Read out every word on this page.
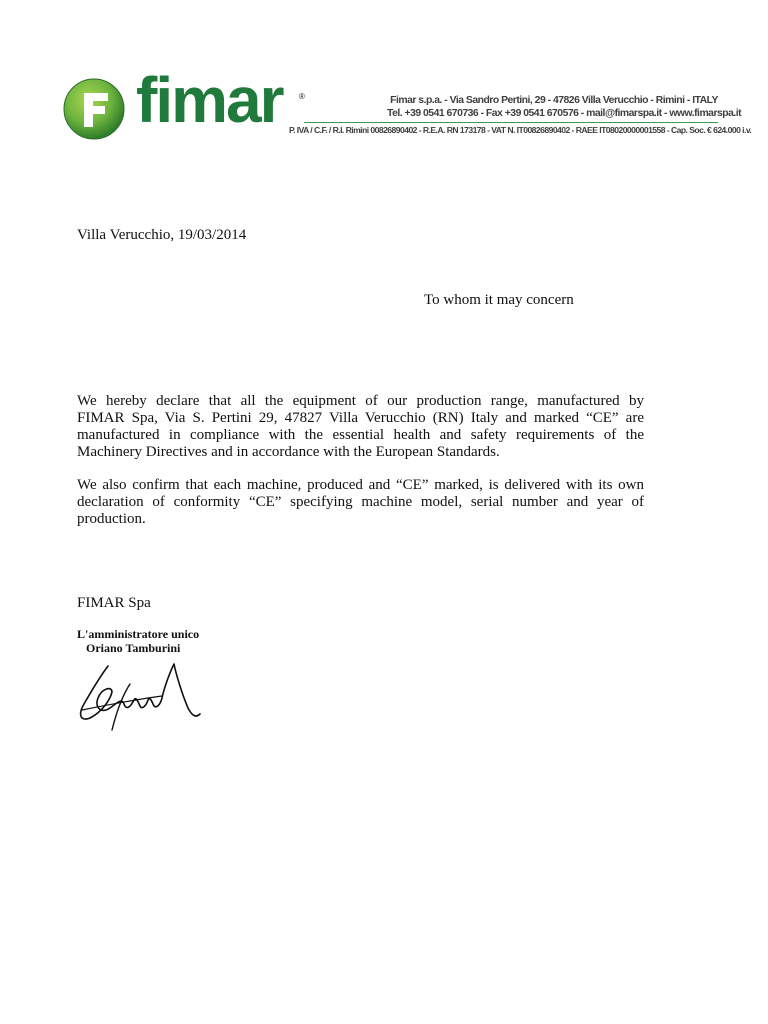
fimar ®	Fimar s.p.a. - Via Sandro Pertini, 29 - 47826 Villa Verucchio - Rimini - ITALY
Tel. +39 0541 670736 - Fax +39 0541 670576 - mail@fimarspa.it - www.fimarspa.it
P. IVA / C.F. / R.I. Rimini 00826890402 - R.E.A. RN 173178 - VAT N. IT00826890402 - RAEE IT08020000001558 - Cap. Soc. € 624.000 i.v.
Villa Verucchio, 19/03/2014
To whom it may concern
We hereby declare that all the equipment of our production range, manufactured by
FIMAR Spa, Via S. Pertini 29, 47827 Villa Verucchio (RN) Italy and marked “CE” are
manufactured in compliance with the essential health and safety requirements of the
Machinery Directives and in accordance with the European Standards.
We also confirm that each machine, produced and “CE” marked, is delivered with its own
declaration of conformity “CE” specifying machine model, serial number and year of
production.
FIMAR Spa
L'amministratore unico
Oriano Tamburini
